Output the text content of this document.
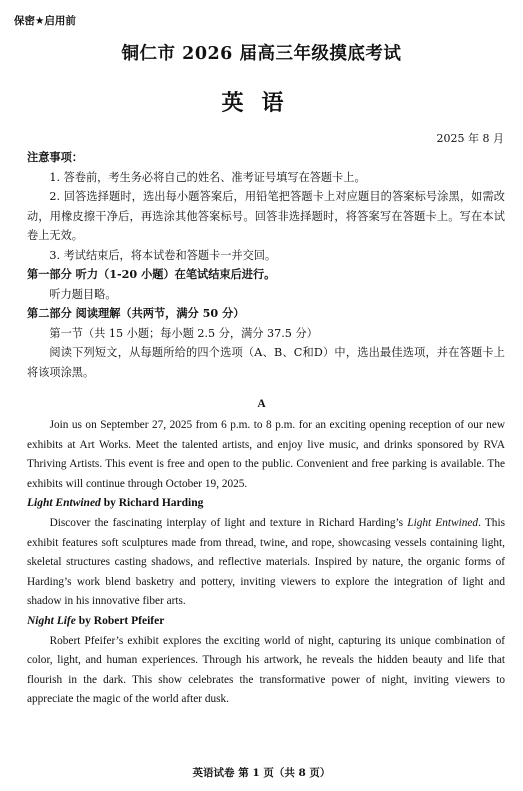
保密★启用前
铜仁市 2026 届高三年级摸底考试
英语
2025 年 8 月
注意事项：
1. 答卷前，考生务必将自己的姓名、准考证号填写在答题卡上。
2. 回答选择题时，选出每小题答案后，用铅笔把答题卡上对应题目的答案标号涂黑，如需改动，用橡皮擦干净后，再选涂其他答案标号。回答非选择题时，将答案写在答题卡上。写在本试卷上无效。
3. 考试结束后，将本试卷和答题卡一并交回。
第一部分 听力（1-20 小题）在笔试结束后进行。
听力题目略。
第二部分 阅读理解（共两节，满分 50 分）
第一节（共 15 小题；每小题 2.5 分，满分 37.5 分）
阅读下列短文，从每题所给的四个选项（A、B、C和D）中，选出最佳选项，并在答题卡上将该项涂黑。
A
Join us on September 27, 2025 from 6 p.m. to 8 p.m. for an exciting opening reception of our new exhibits at Art Works. Meet the talented artists, and enjoy live music, and drinks sponsored by RVA Thriving Artists. This event is free and open to the public. Convenient and free parking is available. The exhibits will continue through October 19, 2025.
Light Entwined by Richard Harding
Discover the fascinating interplay of light and texture in Richard Harding’s Light Entwined. This exhibit features soft sculptures made from thread, twine, and rope, showcasing vessels containing light, skeletal structures casting shadows, and reflective materials. Inspired by nature, the organic forms of Harding’s work blend basketry and pottery, inviting viewers to explore the integration of light and shadow in his innovative fiber arts.
Night Life by Robert Pfeifer
Robert Pfeifer’s exhibit explores the exciting world of night, capturing its unique combination of color, light, and human experiences. Through his artwork, he reveals the hidden beauty and life that flourish in the dark. This show celebrates the transformative power of night, inviting viewers to appreciate the magic of the world after dusk.
英语试卷 第 1 页（共 8 页）
